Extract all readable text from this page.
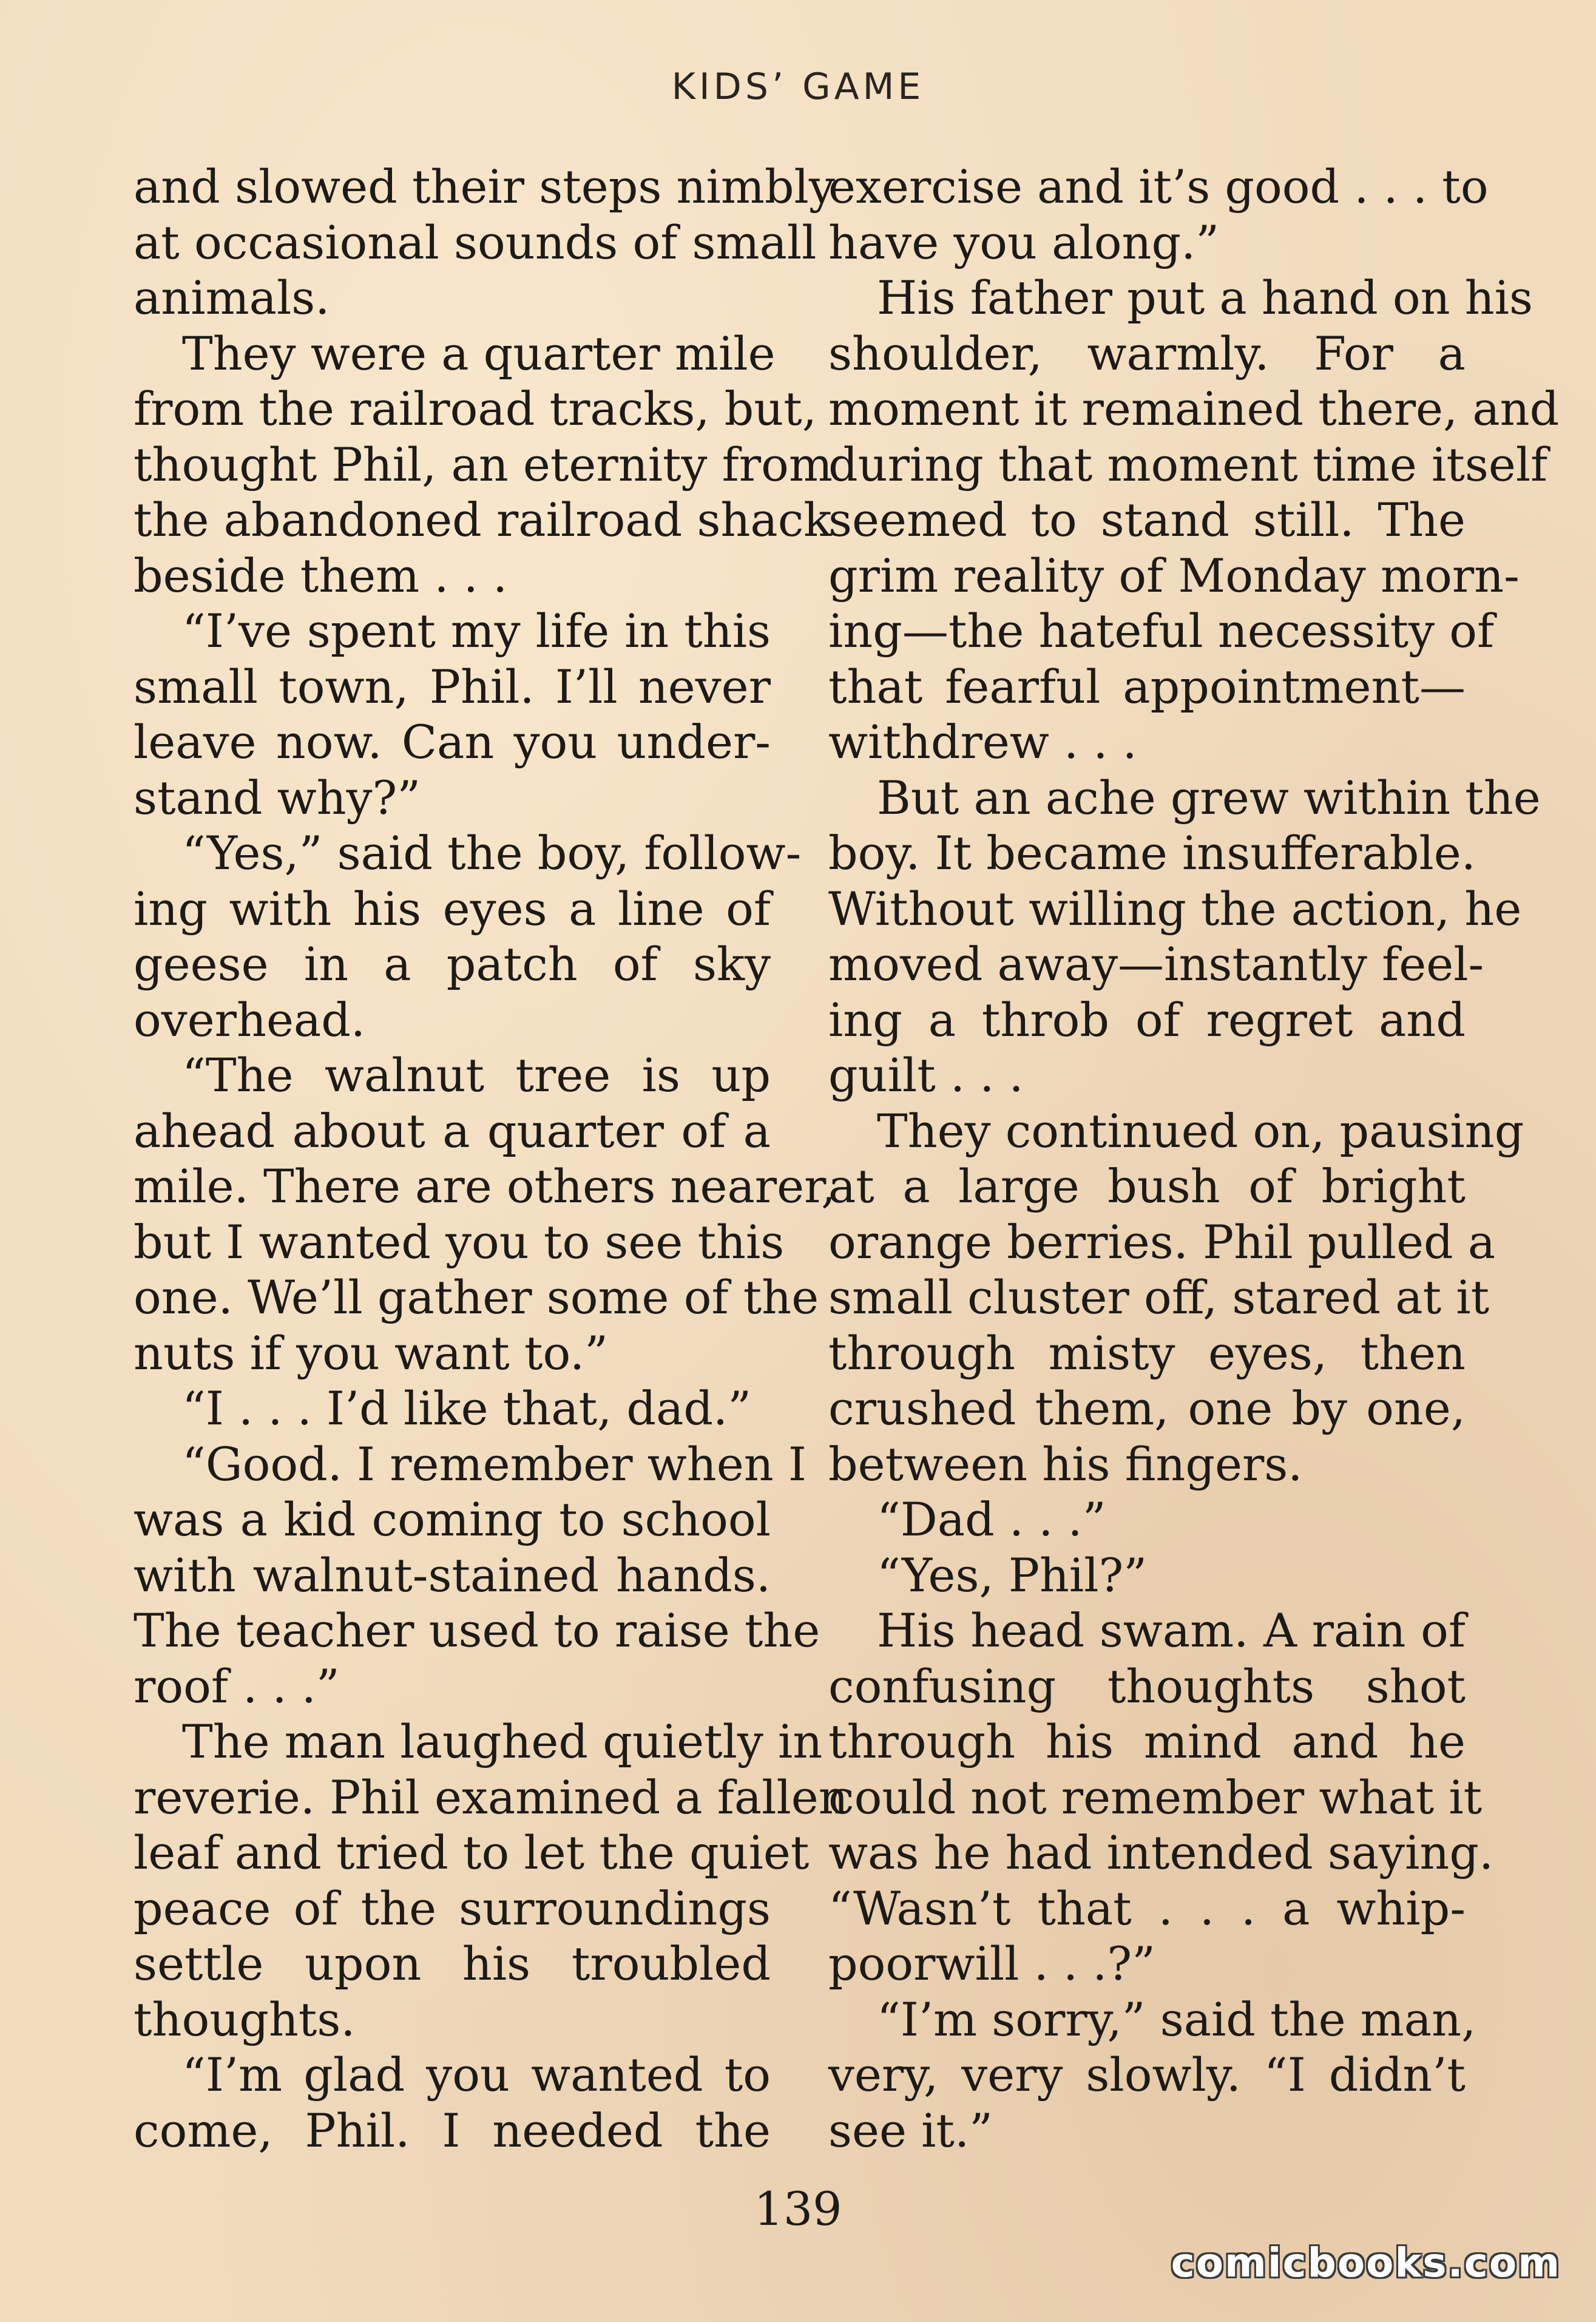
KIDS’ GAME
and slowed their steps nimbly
at occasional sounds of small
animals.
They were a quarter mile
from the railroad tracks, but,
thought Phil, an eternity from
the abandoned railroad shack
beside them . . .
“I’ve spent my life in this
small town, Phil. I’ll never
leave now. Can you under-
stand why?”
“Yes,” said the boy, follow-
ing with his eyes a line of
geese in a patch of sky
overhead.
“The walnut tree is up
ahead about a quarter of a
mile. There are others nearer,
but I wanted you to see this
one. We’ll gather some of the
nuts if you want to.”
“I . . . I’d like that, dad.”
“Good. I remember when I
was a kid coming to school
with walnut-stained hands.
The teacher used to raise the
roof . . .”
The man laughed quietly in
reverie. Phil examined a fallen
leaf and tried to let the quiet
peace of the surroundings
settle upon his troubled
thoughts.
“I’m glad you wanted to
come, Phil. I needed the
exercise and it’s good . . . to
have you along.”
His father put a hand on his
shoulder, warmly. For a
moment it remained there, and
during that moment time itself
seemed to stand still. The
grim reality of Monday morn-
ing—the hateful necessity of
that fearful appointment—
withdrew . . .
But an ache grew within the
boy. It became insufferable.
Without willing the action, he
moved away—instantly feel-
ing a throb of regret and
guilt . . .
They continued on, pausing
at a large bush of bright
orange berries. Phil pulled a
small cluster off, stared at it
through misty eyes, then
crushed them, one by one,
between his fingers.
“Dad . . .”
“Yes, Phil?”
His head swam. A rain of
confusing thoughts shot
through his mind and he
could not remember what it
was he had intended saying.
“Wasn’t that . . . a whip-
poorwill . . .?”
“I’m sorry,” said the man,
very, very slowly. “I didn’t
see it.”
139
comicbooks.com
